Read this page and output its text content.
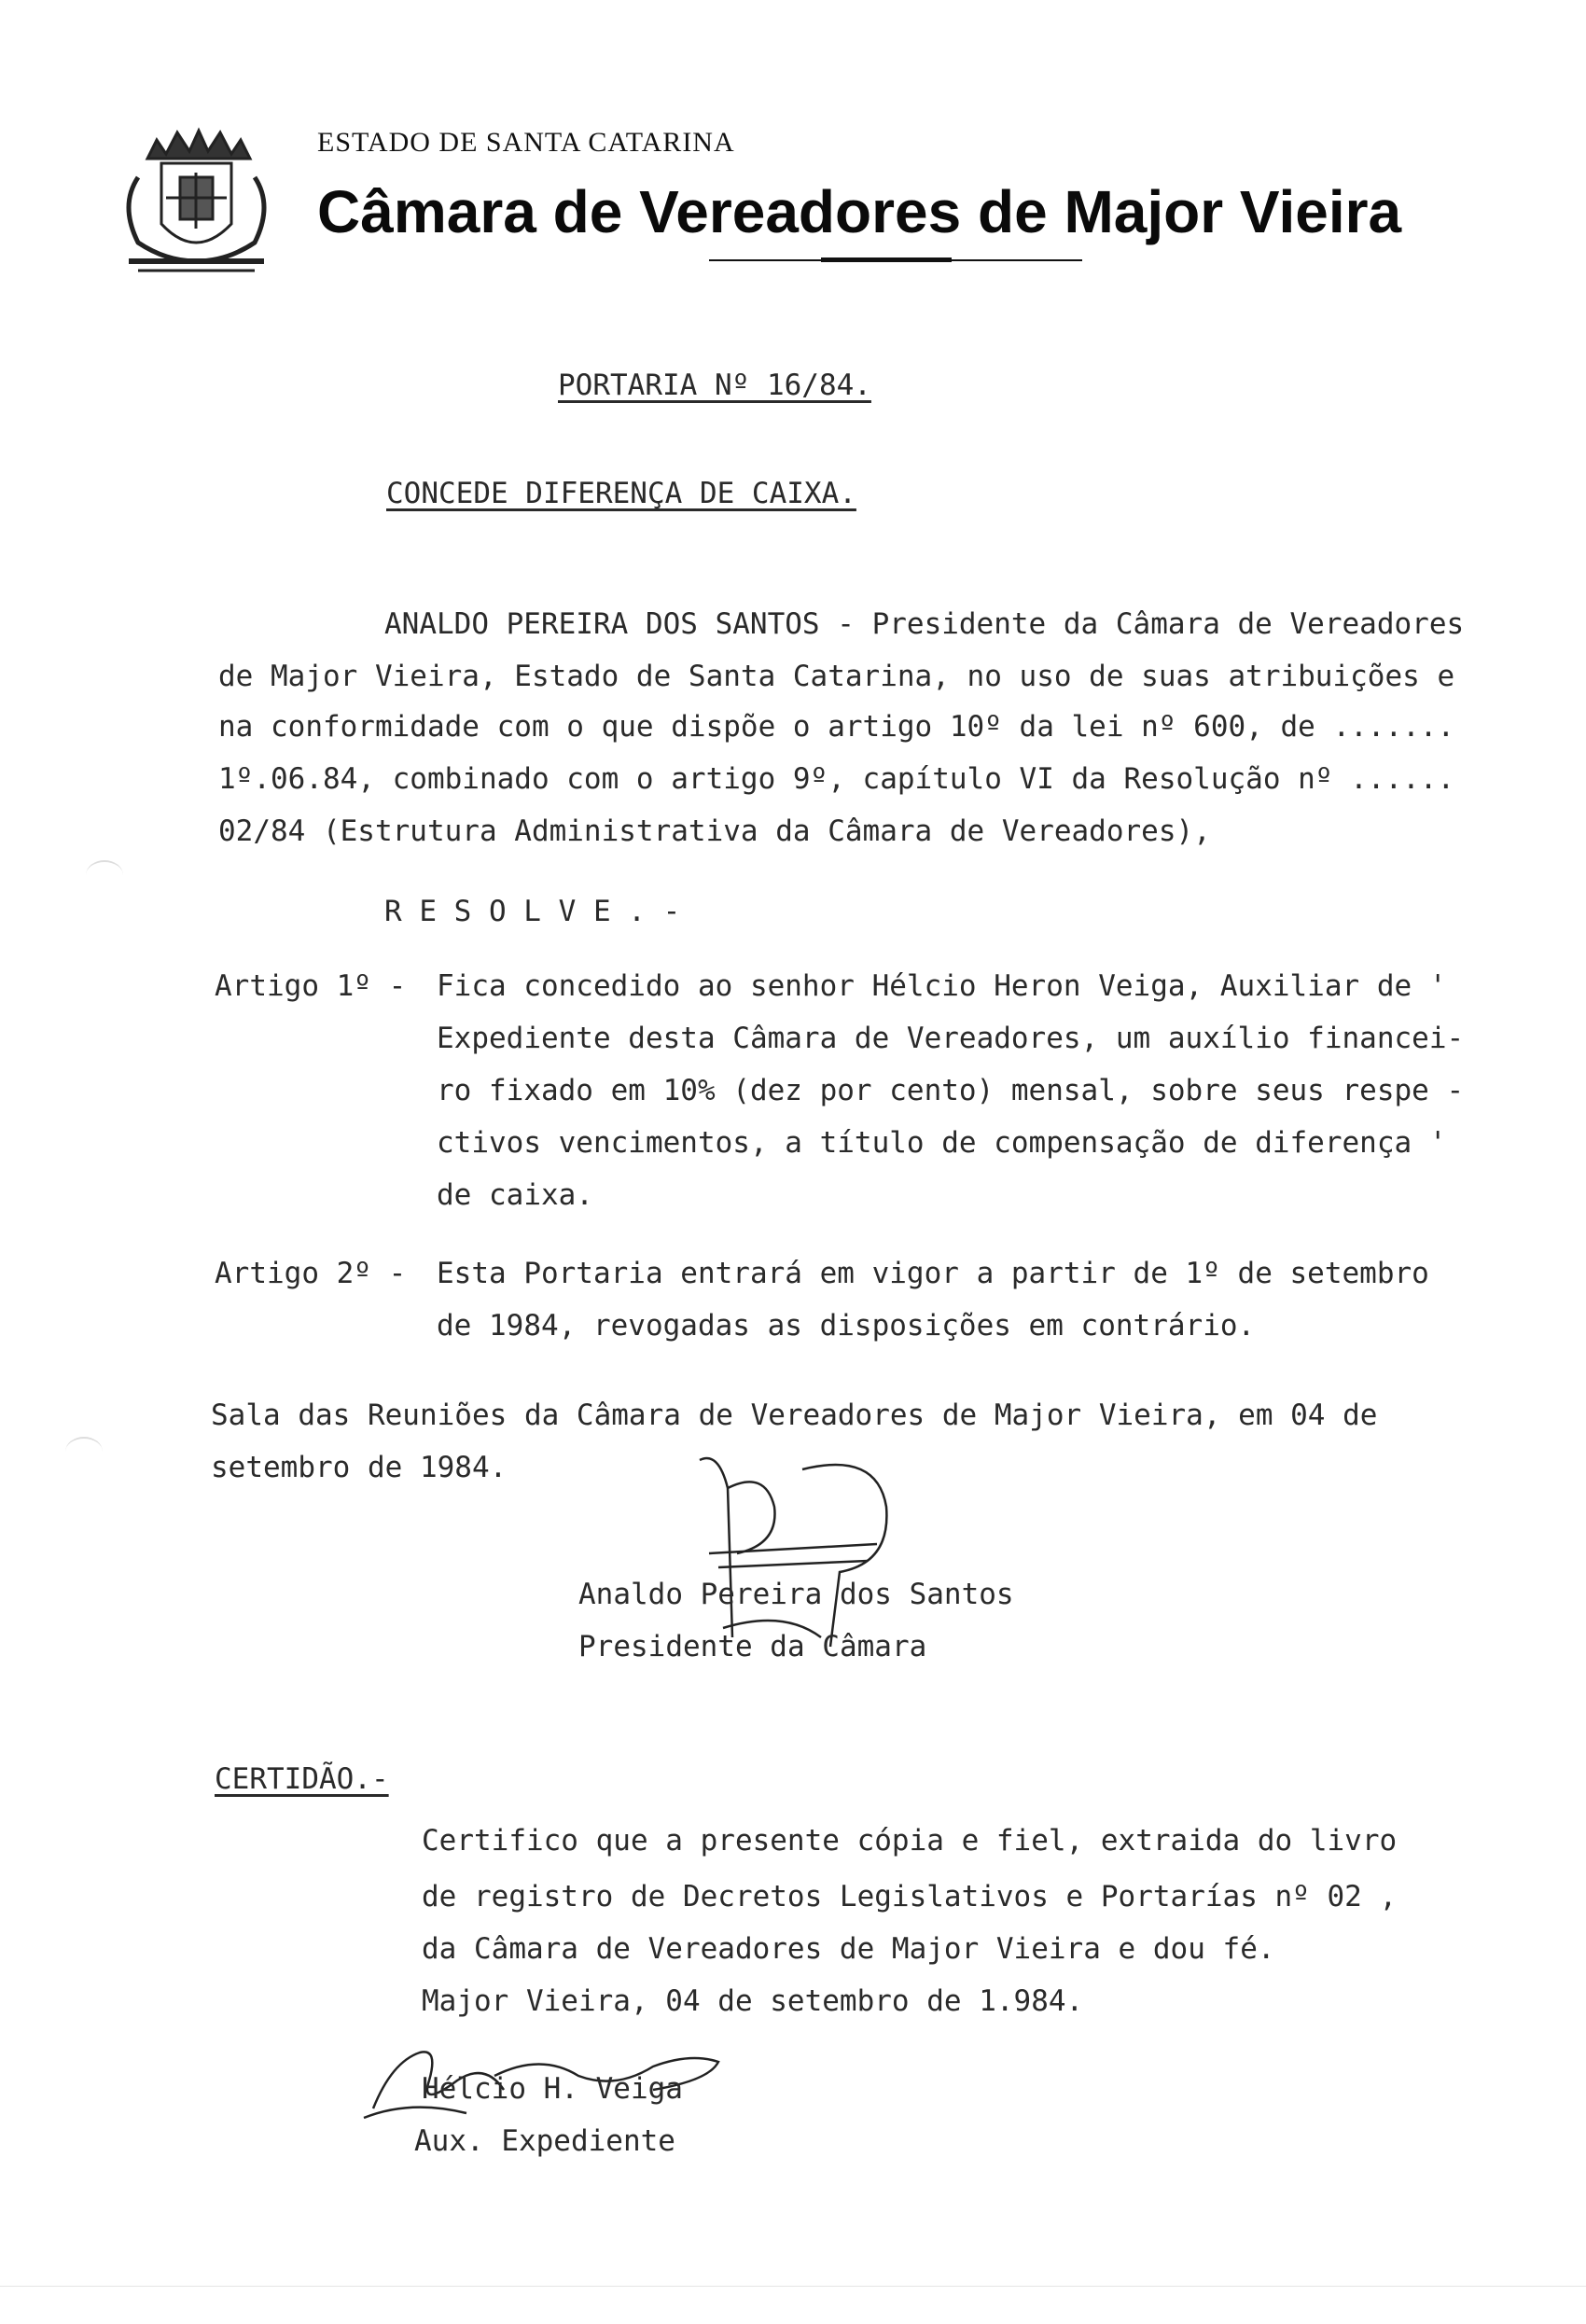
ESTADO DE SANTA CATARINA
Câmara de Vereadores de Major Vieira
PORTARIA Nº 16/84.
CONCEDE DIFERENÇA DE CAIXA.
ANALDO PEREIRA DOS SANTOS - Presidente da Câmara de Vereadores
de Major Vieira, Estado de Santa Catarina, no uso de suas atribuições e
na conformidade com o que dispõe o artigo 10º da lei nº 600, de .......
1º.06.84, combinado com o artigo 9º, capítulo VI da Resolução nº ......
02/84 (Estrutura Administrativa da Câmara de Vereadores),
R E S O L V E . -
Artigo 1º - Fica concedido ao senhor Hélcio Heron Veiga, Auxiliar de '
Expediente desta Câmara de Vereadores, um auxílio financei-
ro fixado em 10% (dez por cento) mensal, sobre seus respe -
ctivos vencimentos, a título de compensação de diferença '
de caixa.
Artigo 2º - Esta Portaria entrará em vigor a partir de 1º de setembro
de 1984, revogadas as disposições em contrário.
Sala das Reuniões da Câmara de Vereadores de Major Vieira, em 04 de
setembro de 1984.
Analdo Pereira dos Santos
Presidente da Câmara
CERTIDÃO.-
Certifico que a presente cópia e fiel, extraida do livro
de registro de Decretos Legislativos e Portarías nº 02 ,
da Câmara de Vereadores de Major Vieira e dou fé.
Major Vieira, 04 de setembro de 1.984.
Hélcio H. Veiga
Aux. Expediente
